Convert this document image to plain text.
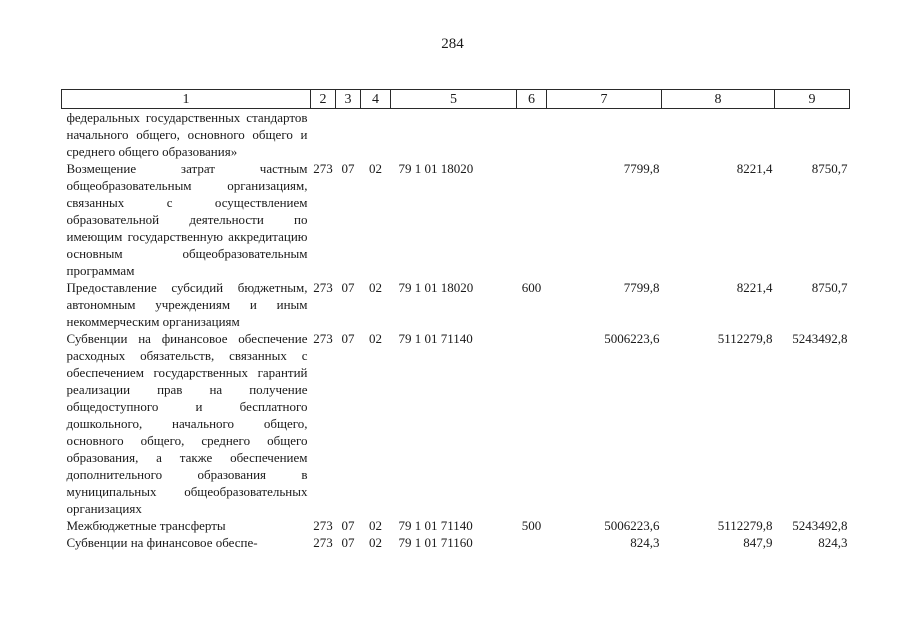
284
1	2	3	4	5	6	7	8	9
федеральных государственных стандартов начального общего, основного общего и среднего общего образования»								
Возмещение затрат частным общеобразовательным организациям, связанных с осуществлением образовательной деятельности по имеющим государственную аккредитацию основным общеобразовательным программам	273	07	02	79 1 01 18020		7799,8	8221,4	8750,7
Предоставление субсидий бюджетным, автономным учреждениям и иным некоммерческим организациям	273	07	02	79 1 01 18020	600	7799,8	8221,4	8750,7
Субвенции на финансовое обеспечение расходных обязательств, связанных с обеспечением государственных гарантий реализации прав на получение общедоступного и бесплатного дошкольного, начального общего, основного общего, среднего общего образования, а также обеспечением дополнительного образования в муниципальных общеобразовательных организациях	273	07	02	79 1 01 71140		5006223,6	5112279,8	5243492,8
Межбюджетные трансферты	273	07	02	79 1 01 71140	500	5006223,6	5112279,8	5243492,8
Субвенции на финансовое обеспе-	273	07	02	79 1 01 71160		824,3	847,9	824,3
